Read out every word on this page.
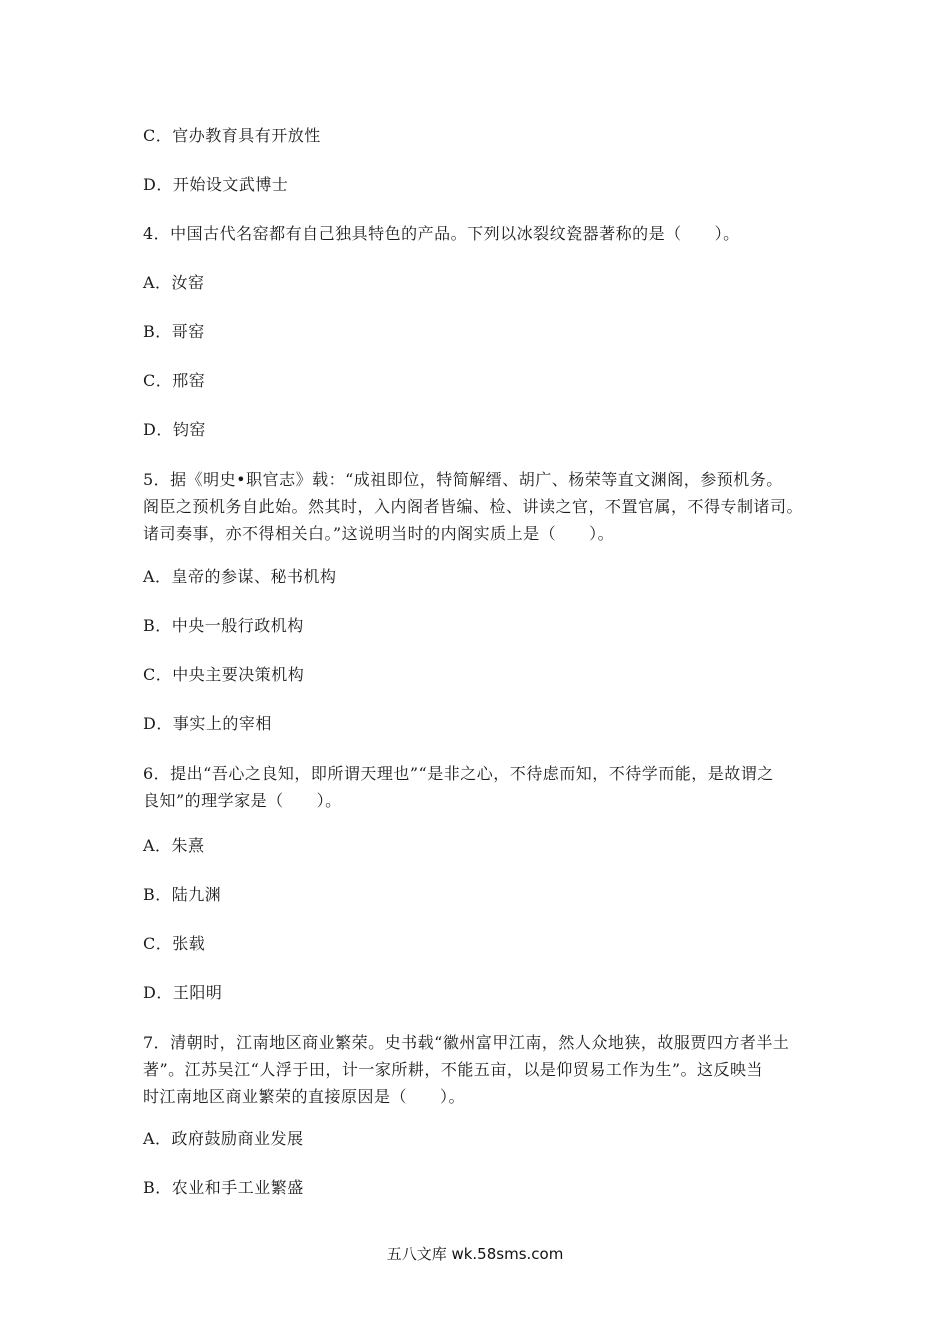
C．官办教育具有开放性
D．开始设文武博士
4．中国古代名窑都有自己独具特色的产品。下列以冰裂纹瓷器著称的是（　　）。
A．汝窑
B．哥窑
C．邢窑
D．钧窑
5．据《明史•职官志》载：“成祖即位，特简解缙、胡广、杨荣等直文渊阁，参预机务。
阁臣之预机务自此始。然其时，入内阁者皆编、检、讲读之官，不置官属，不得专制诸司。
诸司奏事，亦不得相关白。”这说明当时的内阁实质上是（　　）。
A．皇帝的参谋、秘书机构
B．中央一般行政机构
C．中央主要决策机构
D．事实上的宰相
6．提出“吾心之良知，即所谓天理也”“是非之心，不待虑而知，不待学而能，是故谓之
良知”的理学家是（　　）。
A．朱熹
B．陆九渊
C．张载
D．王阳明
7．清朝时，江南地区商业繁荣。史书载“徽州富甲江南，然人众地狭，故服贾四方者半土
著”。江苏吴江“人浮于田，计一家所耕，不能五亩，以是仰贸易工作为生”。这反映当
时江南地区商业繁荣的直接原因是（　　）。
A．政府鼓励商业发展
B．农业和手工业繁盛
五八文库 wk.58sms.com
